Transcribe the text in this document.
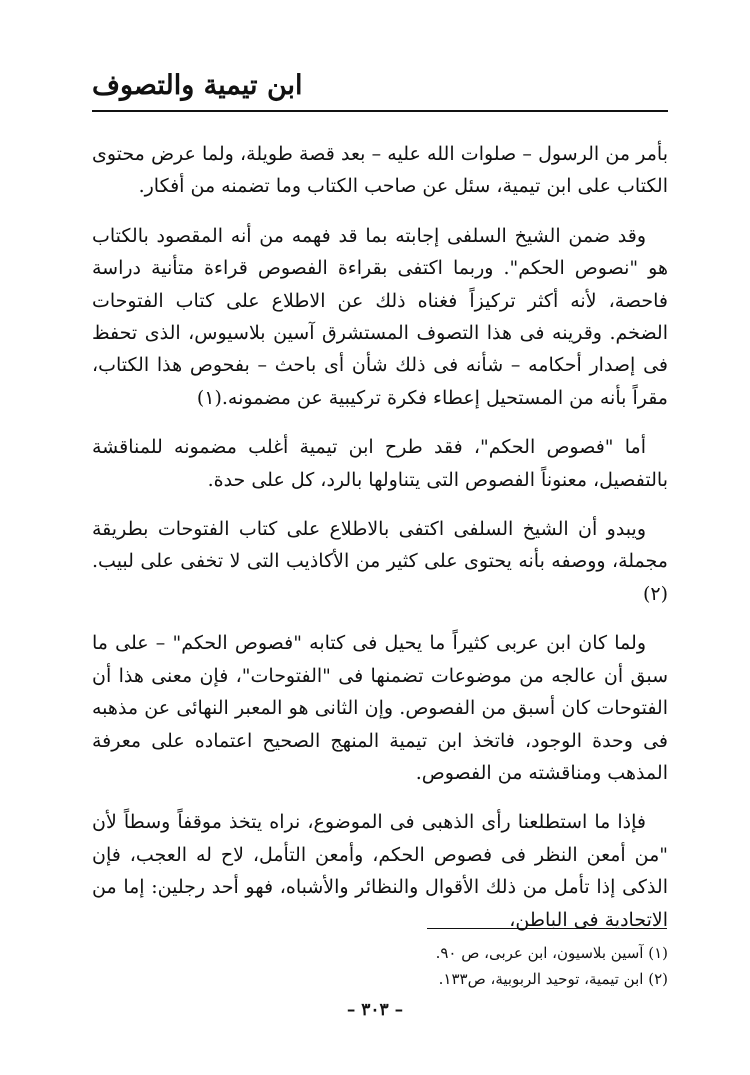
ابن تيمية والتصوف

بأمر من الرسول – صلوات الله عليه – بعد قصة طويلة، ولما عرض محتوى الكتاب على ابن تيمية، سئل عن صاحب الكتاب وما تضمنه من أفكار.

وقد ضمن الشيخ السلفى إجابته بما قد فهمه من أنه المقصود بالكتاب هو "نصوص الحكم". وربما اكتفى بقراءة الفصوص قراءة متأنية دراسة فاحصة، لأنه أكثر تركيزاً فغناه ذلك عن الاطلاع على كتاب الفتوحات الضخم. وقرينه فى هذا التصوف المستشرق آسين بلاسيوس، الذى تحفظ فى إصدار أحكامه – شأنه فى ذلك شأن أى باحث – بفحوص هذا الكتاب، مقراً بأنه من المستحيل إعطاء فكرة تركيبية عن مضمونه.(١)

أما "فصوص الحكم"، فقد طرح ابن تيمية أغلب مضمونه للمناقشة بالتفصيل، معنوناً الفصوص التى يتناولها بالرد، كل على حدة.

ويبدو أن الشيخ السلفى اكتفى بالاطلاع على كتاب الفتوحات بطريقة مجملة، ووصفه بأنه يحتوى على كثير من الأكاذيب التى لا تخفى على لبيب.(٢)

ولما كان ابن عربى كثيراً ما يحيل فى كتابه "فصوص الحكم" – على ما سبق أن عالجه من موضوعات تضمنها فى "الفتوحات"، فإن معنى هذا أن الفتوحات كان أسبق من الفصوص. وإن الثانى هو المعبر النهائى عن مذهبه فى وحدة الوجود، فاتخذ ابن تيمية المنهج الصحيح اعتماده على معرفة المذهب ومناقشته من الفصوص.

فإذا ما استطلعنا رأى الذهبى فى الموضوع، نراه يتخذ موقفاً وسطاً لأن "من أمعن النظر فى فصوص الحكم، وأمعن التأمل، لاح له العجب، فإن الذكى إذا تأمل من ذلك الأقوال والنظائر والأشباه، فهو أحد رجلين: إما من الاتحادية فى الباطن،

(١) آسين بلاسيون، ابن عربى، ص ٩٠.
(٢) ابن تيمية، توحيد الربوبية، ص١٣٣.
– ٣٠٣ –
